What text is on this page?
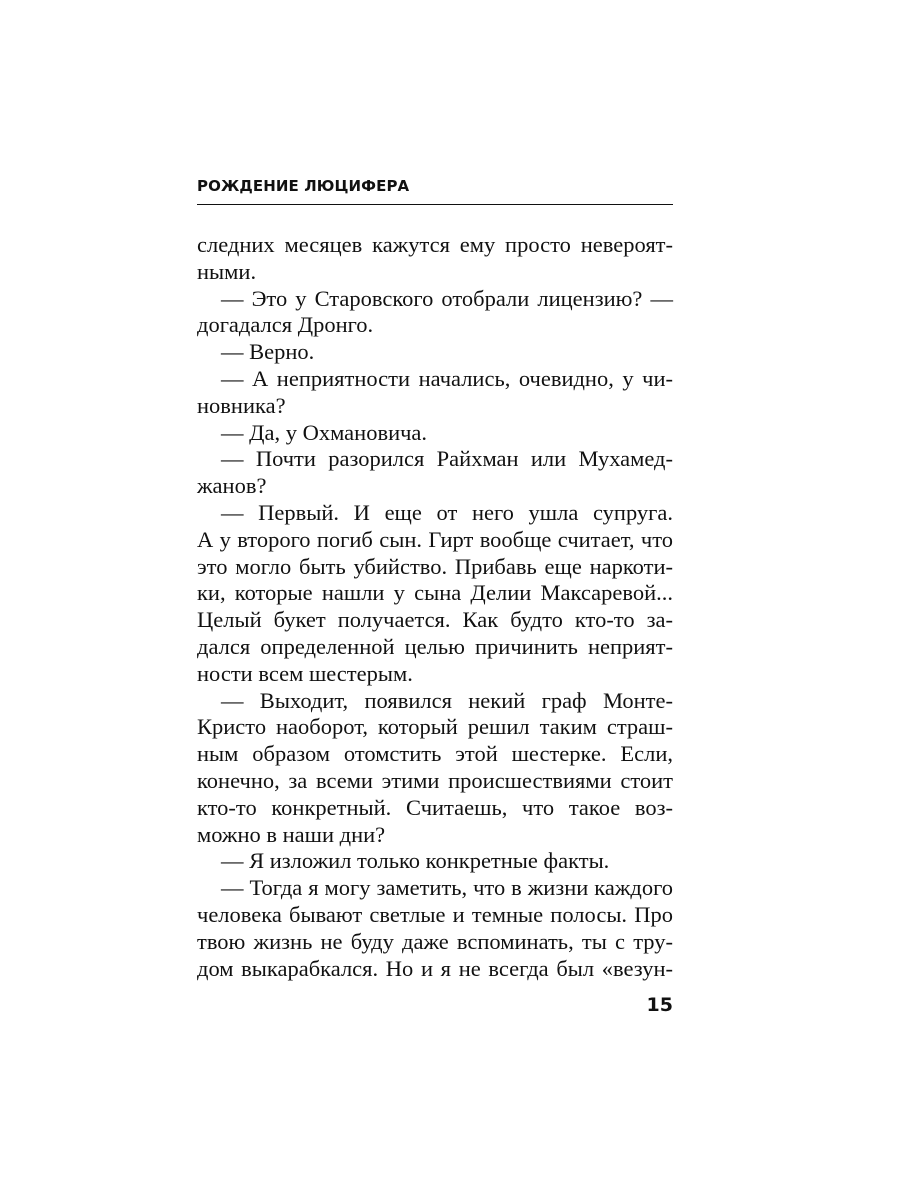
РОЖДЕНИЕ ЛЮЦИФЕРА
следних месяцев кажутся ему просто невероят-
ными.
— Это у Старовского отобрали лицензию? —
догадался Дронго.
— Верно.
— А неприятности начались, очевидно, у чи-
новника?
— Да, у Охмановича.
— Почти разорился Райхман или Мухамед-
жанов?
— Первый. И еще от него ушла супруга.
А у второго погиб сын. Гирт вообще считает, что
это могло быть убийство. Прибавь еще наркоти-
ки, которые нашли у сына Делии Максаревой...
Целый букет получается. Как будто кто-то за-
дался определенной целью причинить неприят-
ности всем шестерым.
— Выходит, появился некий граф Монте-
Кристо наоборот, который решил таким страш-
ным образом отомстить этой шестерке. Если,
конечно, за всеми этими происшествиями стоит
кто-то конкретный. Считаешь, что такое воз-
можно в наши дни?
— Я изложил только конкретные факты.
— Тогда я могу заметить, что в жизни каждого
человека бывают светлые и темные полосы. Про
твою жизнь не буду даже вспоминать, ты с тру-
дом выкарабкался. Но и я не всегда был «везун-
15
